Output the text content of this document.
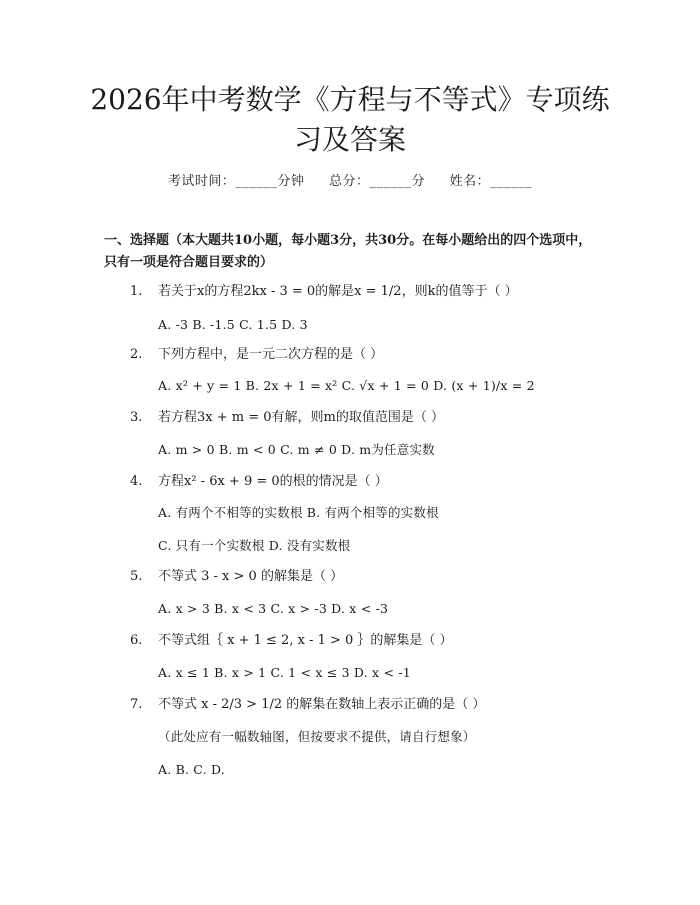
2026年中考数学《方程与不等式》专项练习及答案
考试时间：______分钟 总分：______分 姓名：______

一、选择题（本大题共10小题，每小题3分，共30分。在每小题给出的四个选项中，只有一项是符合题目要求的）

1. 若关于x的方程2kx - 3 = 0的解是x = 1/2，则k的值等于（ ）
A. -3 B. -1.5 C. 1.5 D. 3
2. 下列方程中，是一元二次方程的是（ ）
A. x² + y = 1 B. 2x + 1 = x² C. √x + 1 = 0 D. (x + 1)/x = 2
3. 若方程3x + m = 0有解，则m的取值范围是（ ）
A. m > 0 B. m < 0 C. m ≠ 0 D. m为任意实数
4. 方程x² - 6x + 9 = 0的根的情况是（ ）
A. 有两个不相等的实数根 B. 有两个相等的实数根
C. 只有一个实数根 D. 没有实数根
5. 不等式 3 - x > 0 的解集是（ ）
A. x > 3 B. x < 3 C. x > -3 D. x < -3
6. 不等式组｛ x + 1 ≤ 2, x - 1 > 0 ｝的解集是（ ）
A. x ≤ 1 B. x > 1 C. 1 < x ≤ 3 D. x < -1
7. 不等式 x - 2/3 > 1/2 的解集在数轴上表示正确的是（ ）
（此处应有一幅数轴图，但按要求不提供，请自行想象）
A. B. C. D.
